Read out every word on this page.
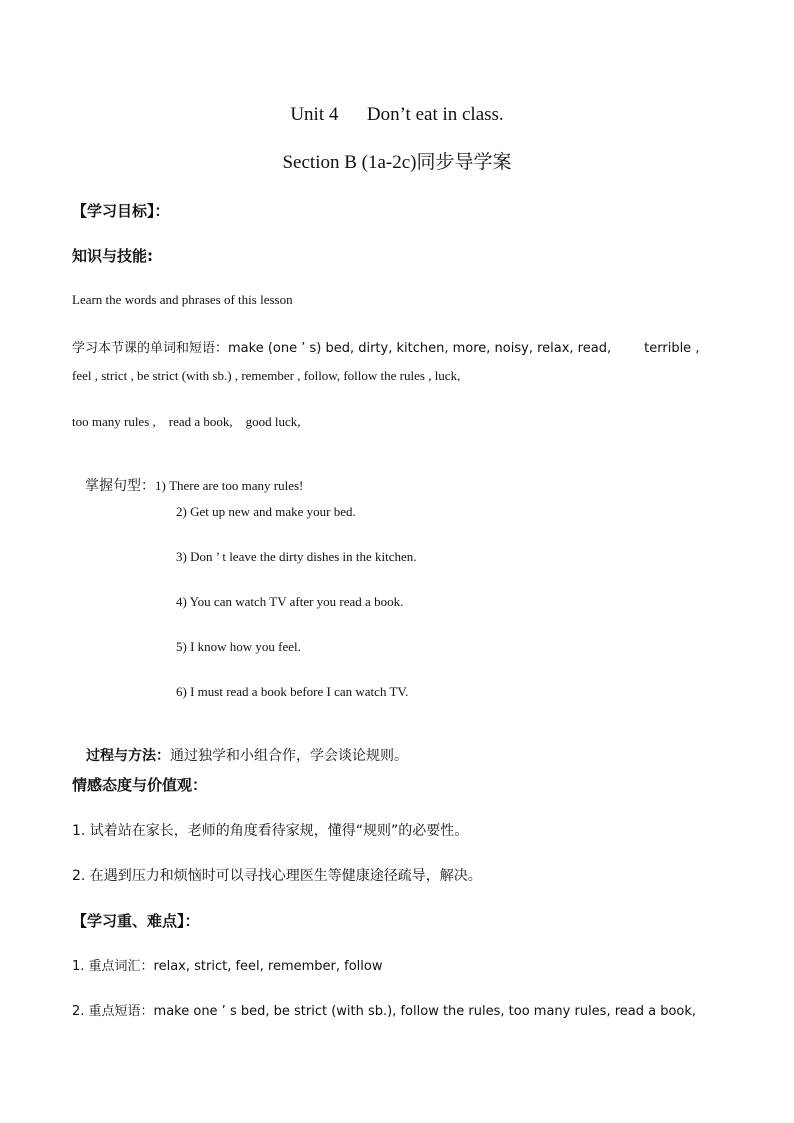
Unit 4      Don’t eat in class.
Section B (1a-2c)同步导学案
【学习目标】：
知识与技能:
Learn the words and phrases of this lesson
学习本节课的单词和短语：make (one ’ s) bed, dirty, kitchen, more, noisy, relax, read,        terrible ,
feel , strict , be strict (with sb.) , remember , follow, follow the rules , luck,
too many rules ,    read a book,    good luck,

掌握句型：1) There are too many rules!

2) Get up new and make your bed.
3) Don ’ t leave the dirty dishes in the kitchen.
4) You can watch TV after you read a book.
5) I know how you feel.
6) I must read a book before I can watch TV.

过程与方法：通过独学和小组合作，学会谈论规则。

情感态度与价值观：
1. 试着站在家长，老师的角度看待家规，懂得“规则”的必要性。
2. 在遇到压力和烦恼时可以寻找心理医生等健康途径疏导，解决。
【学习重、难点】：
1. 重点词汇：relax, strict, feel, remember, follow
2. 重点短语：make one ’ s bed, be strict (with sb.), follow the rules, too many rules, read a book,
